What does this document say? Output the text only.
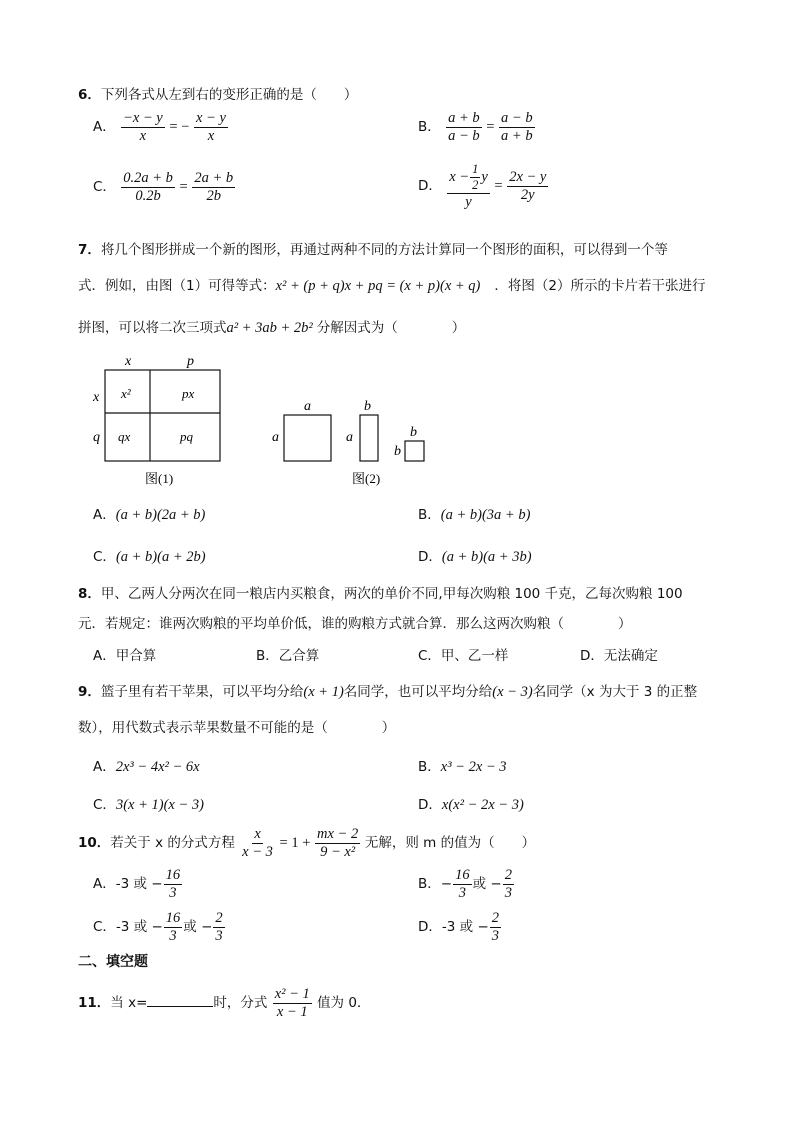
6．下列各式从左到右的变形正确的是（　　）
A． $\frac{-x - y}{x}$ = − $\frac{x - y}{x}$	B． $\frac{a + b}{a - b} = \frac{a - b}{a + b}$
C． $\frac{0.2a + b}{0.2b} = \frac{2a + b}{2b}$	D． $\frac{x - \frac{1}{2} y}{y} = \frac{2x - y}{2y}$
7．将几个图形拼成一个新的图形，再通过两种不同的方法计算同一个图形的面积，可以得到一个等
式．例如，由图（1）可得等式：x² + (p + q)x + pq = (x + p)(x + q) ．将图（2）所示的卡片若干张进行
拼图，可以将二次三项式a² + 3ab + 2b² 分解因式为（　　　　）
x	p
x
q
x²	px
qx	pq
图(1)
a
a
b
a	b
b
图(2)
A．(a + b)(2a + b)	B．(a + b)(3a + b)
C．(a + b)(a + 2b)	D．(a + b)(a + 3b)
8．甲、乙两人分两次在同一粮店内买粮食，两次的单价不同,甲每次购粮 100 千克，乙每次购粮 100
元．若规定：谁两次购粮的平均单价低，谁的购粮方式就合算．那么这两次购粮（　　　　）
A．甲合算	B．乙合算	C．甲、乙一样	D．无法确定
9．篮子里有若干苹果，可以平均分给(x + 1)名同学，也可以平均分给(x − 3)名同学（x 为大于 3 的正整
数），用代数式表示苹果数量不可能的是（　　　　）
A．2x³ − 4x² − 6x	B．x³ − 2x − 3
C．3(x + 1)(x − 3)	D．x(x² − 2x − 3)
10．若关于 x 的分式方程 $\frac{x}{x - 3} = 1 + \frac{mx - 2}{\text{9 − x²}}$ 无解，则 m 的值为（　　）
A．-3 或 − $\frac{16}{3}$	B．− $\frac{16}{3}$ 或 − $\frac{2}{3}$
C．-3 或 − $\frac{16}{3}$ 或 − $\frac{2}{3}$	D．-3 或 − $\frac{2}{3}$
二、填空题
11．当 x=	时，分式 $\frac{\text{x² − 1}}{x - 1}$ 值为 0．
